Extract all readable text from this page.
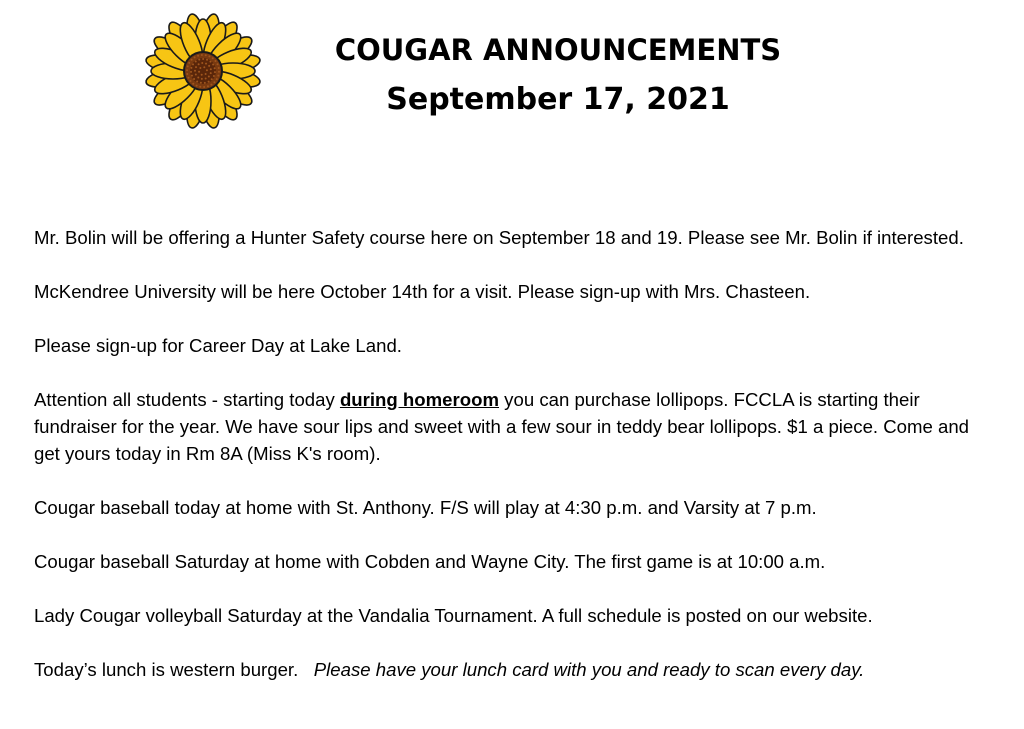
COUGAR ANNOUNCEMENTS
September 17, 2021

Mr. Bolin will be offering a Hunter Safety course here on September 18 and 19. Please see Mr. Bolin if interested.

McKendree University will be here October 14th for a visit. Please sign-up with Mrs. Chasteen.

Please sign-up for Career Day at Lake Land.

Attention all students - starting today during homeroom you can purchase lollipops. FCCLA is starting their fundraiser for the year. We have sour lips and sweet with a few sour in teddy bear lollipops. $1 a piece. Come and get yours today in Rm 8A (Miss K's room).

Cougar baseball today at home with St. Anthony. F/S will play at 4:30 p.m. and Varsity at 7 p.m.

Cougar baseball Saturday at home with Cobden and Wayne City. The first game is at 10:00 a.m.

Lady Cougar volleyball Saturday at the Vandalia Tournament. A full schedule is posted on our website.

Today’s lunch is western burger.   Please have your lunch card with you and ready to scan every day.
